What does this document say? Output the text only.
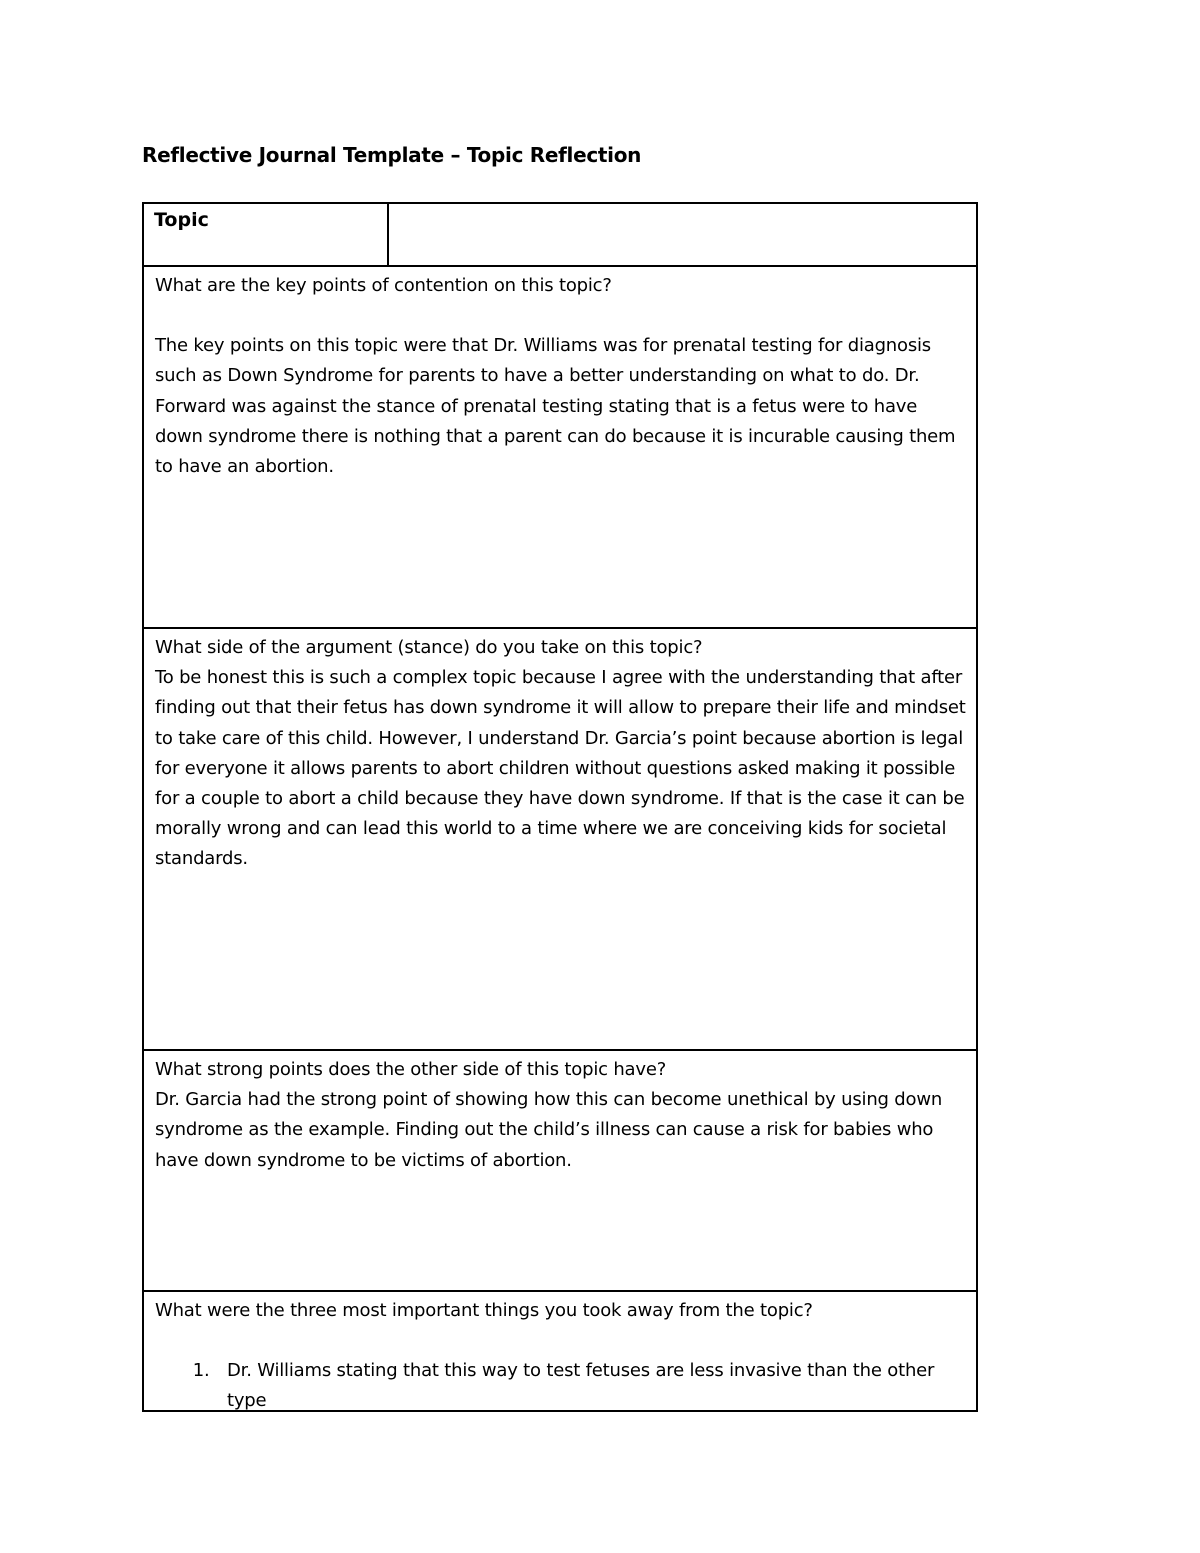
Reflective Journal Template – Topic Reflection
Topic

What are the key points of contention on this topic?

The key points on this topic were that Dr. Williams was for prenatal testing for diagnosis such as Down Syndrome for parents to have a better understanding on what to do. Dr. Forward was against the stance of prenatal testing stating that is a fetus were to have down syndrome there is nothing that a parent can do because it is incurable causing them to have an abortion.

What side of the argument (stance) do you take on this topic?

To be honest this is such a complex topic because I agree with the understanding that after finding out that their fetus has down syndrome it will allow to prepare their life and mindset to take care of this child. However, I understand Dr. Garcia’s point because abortion is legal for everyone it allows parents to abort children without questions asked making it possible for a couple to abort a child because they have down syndrome. If that is the case it can be morally wrong and can lead this world to a time where we are conceiving kids for societal standards.

What strong points does the other side of this topic have?

Dr. Garcia had the strong point of showing how this can become unethical by using down syndrome as the example. Finding out the child’s illness can cause a risk for babies who have down syndrome to be victims of abortion.

What were the three most important things you took away from the topic?

1. Dr. Williams stating that this way to test fetuses are less invasive than the other type
